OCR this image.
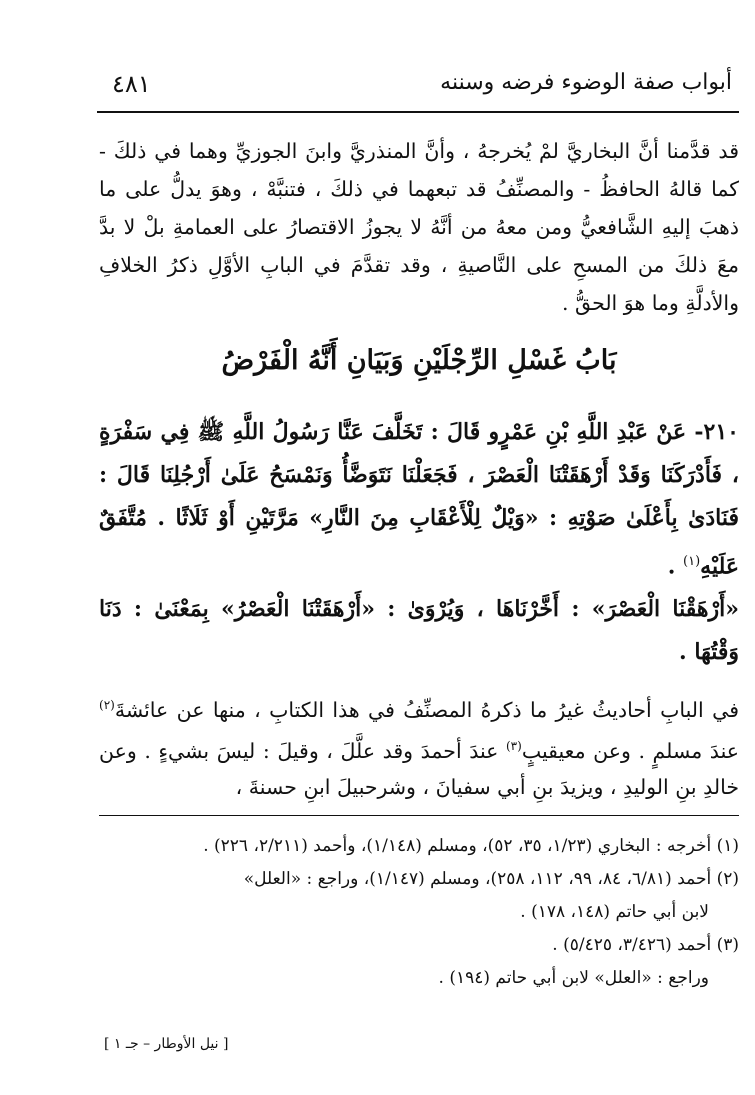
أبواب صفة الوضوء فرضه وسننه
٤٨١
قد قدَّمنا أنَّ البخاريَّ لمْ يُخرجهُ ، وأنَّ المنذريَّ وابنَ الجوزيِّ وهما في ذلكَ - كما قالهُ الحافظُ - والمصنِّفُ قد تبعهما في ذلكَ ، فتنبَّهْ ، وهوَ يدلُّ على ما ذهبَ إليهِ الشَّافعيُّ ومن معهُ من أنَّهُ لا يجوزُ الاقتصارُ على العمامةِ بلْ لا بدَّ معَ ذلكَ من المسحِ على النَّاصيةِ ، وقد تقدَّمَ في البابِ الأوَّلِ ذكرُ الخلافِ والأدلَّةِ وما هوَ الحقُّ .
بَابُ غَسْلِ الرِّجْلَيْنِ وَبَيَانِ أَنَّهُ الْفَرْضُ
٢١٠- عَنْ عَبْدِ اللَّهِ بْنِ عَمْرٍو قَالَ : تَخَلَّفَ عَنَّا رَسُولُ اللَّهِ ﷺ فِي سَفْرَةٍ ، فَأَدْرَكَنَا وَقَدْ أَرْهَقَتْنَا الْعَصْرَ ، فَجَعَلْنَا نَتَوَضَّأُ وَنَمْسَحُ عَلَىٰ أَرْجُلِنَا قَالَ : فَنَادَىٰ بِأَعْلَىٰ صَوْتِهِ : «وَيْلٌ لِلْأَعْقَابِ مِنَ النَّارِ» مَرَّتَيْنِ أَوْ ثَلَاثًا . مُتَّفَقٌ عَلَيْهِ$^{(١)}$ .
«أَرْهَقْنَا الْعَصْرَ» : أَخَّرْنَاهَا ، وَيُرْوَىٰ : «أَرْهَقَتْنَا الْعَصْرُ» بِمَعْنَىٰ : دَنَا وَقْتُهَا .
في البابِ أحاديثُ غيرُ ما ذكرهُ المصنِّفُ في هذا الكتابِ ، منها عن عائشةَ$^{(٢)}$ عندَ مسلمٍ . وعن معيقيبٍ$^{(٣)}$ عندَ أحمدَ وقد علَّلَ ، وقيلَ : ليسَ بشيءٍ . وعن خالدِ بنِ الوليدِ ، ويزيدَ بنِ أبي سفيانَ ، وشرحبيلَ ابنِ حسنةَ ،

(١) أخرجه : البخاري (١/٢٣، ٣٥، ٥٢)، ومسلم (١/١٤٨)، وأحمد (٢/٢١١، ٢٢٦) .

(٢) أحمد (٦/٨١، ٨٤، ٩٩، ١١٢، ٢٥٨)، ومسلم (١/١٤٧)، وراجع : «العلل»

لابن أبي حاتم (١٤٨، ١٧٨) .

(٣) أحمد (٣/٤٢٦، ٥/٤٢٥) .

وراجع : «العلل» لابن أبي حاتم (١٩٤) .

[ نيل الأوطار – جـ ١ ]
